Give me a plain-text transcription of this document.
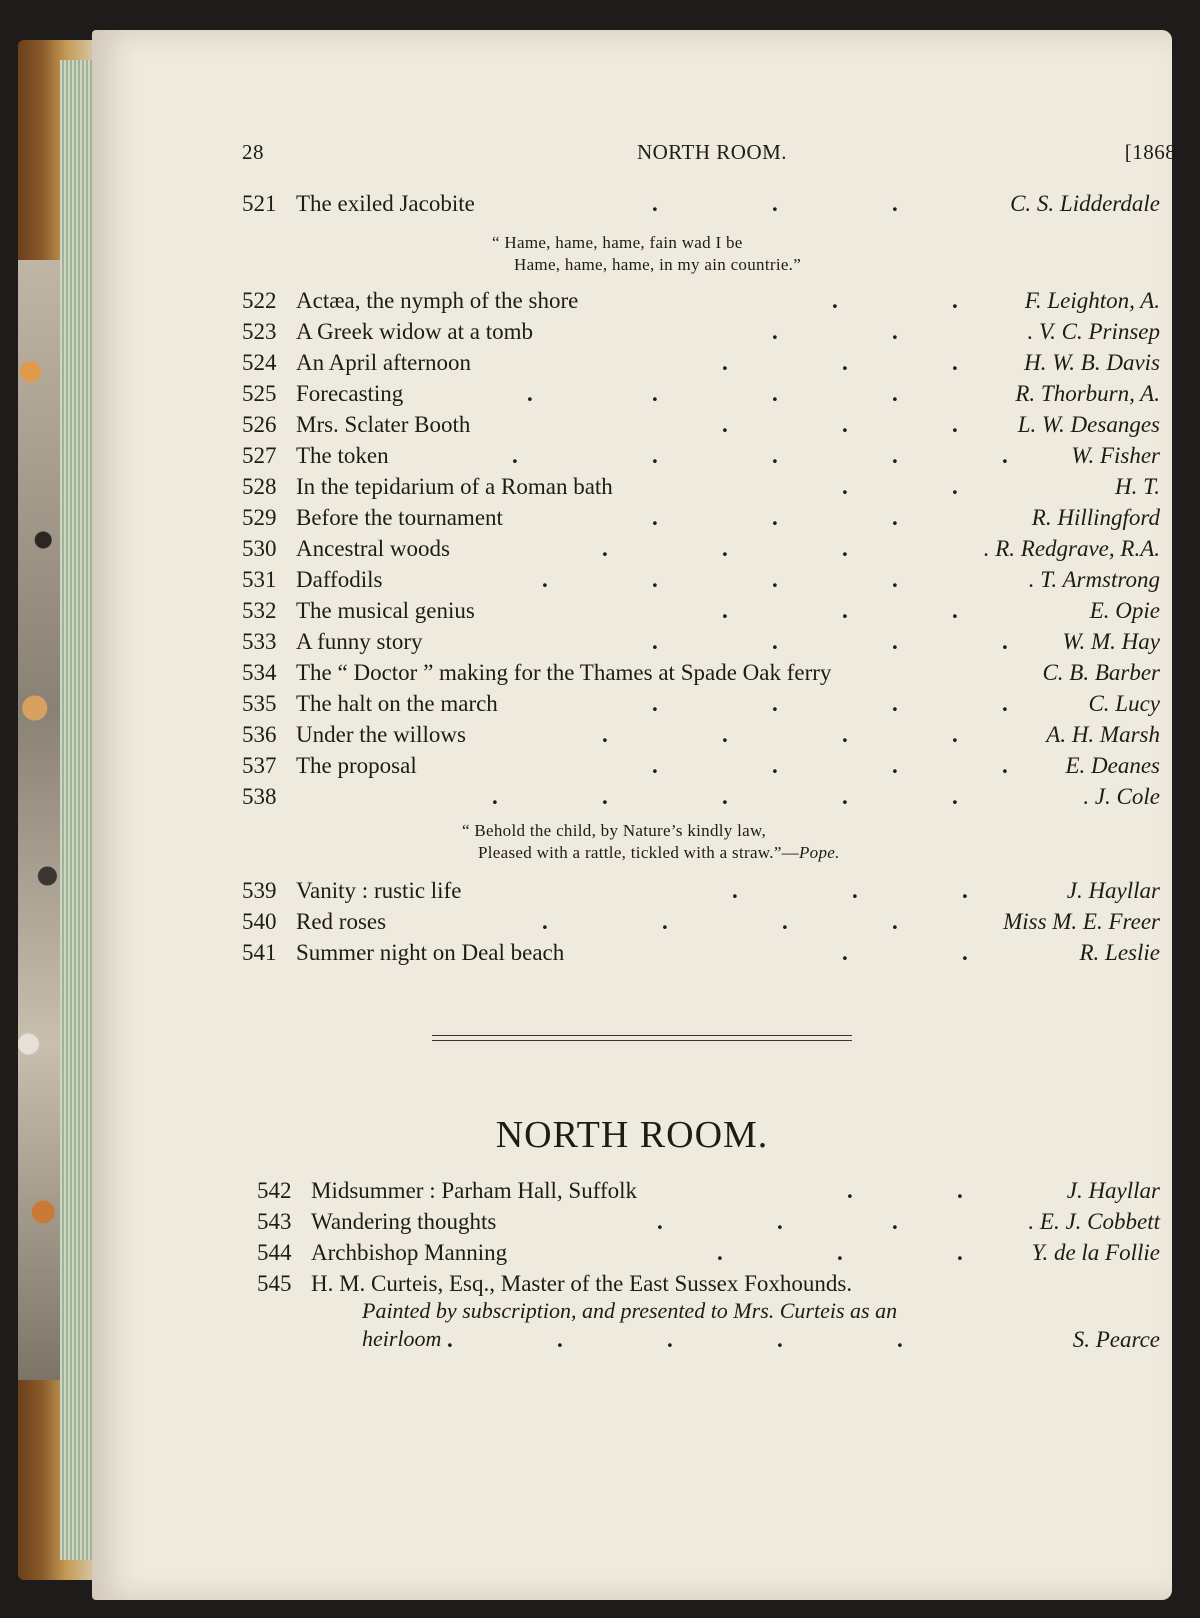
28	NORTH ROOM.	[1868.
521 The exiled Jacobite	.	.	.	C. S. Lidderdale
“ Hame, hame, hame, fain wad I be
Hame, hame, hame, in my ain countrie.”
522 Actæa, the nymph of the shore	.	.	F. Leighton, A.
523 A Greek widow at a tomb	.	.	. V. C. Prinsep
524 An April afternoon	.	.	.	H. W. B. Davis
525 Forecasting	.	.	.	.	R. Thorburn, A.
526 Mrs. Sclater Booth	.	.	.	L. W. Desanges
527 The token	.	.	.	.	.	W. Fisher
528 In the tepidarium of a Roman bath	.	.	H. T.
529 Before the tournament	.	.	.	R. Hillingford
530 Ancestral woods	.	.	.	. R. Redgrave, R.A.
531 Daffodils	.	.	.	.	. T. Armstrong
532 The musical genius	.	.	.	E. Opie
533 A funny story	.	.	.	. W. M. Hay
534 The “ Doctor ” making for the Thames at Spade Oak ferry	C. B. Barber
535 The halt on the march	.	.	.	.	C. Lucy
536 Under the willows	.	.	.	.	A. H. Marsh
537 The proposal	.	.	.	.	E. Deanes
538	.	.	.	.	.	. J. Cole
“ Behold the child, by Nature’s kindly law,
Pleased with a rattle, tickled with a straw.”—Pope.
539 Vanity : rustic life	.	.	.	J. Hayllar
540 Red roses	.	.	.	.	Miss M. E. Freer
541 Summer night on Deal beach	.	.	R. Leslie
NORTH ROOM.
542 Midsummer : Parham Hall, Suffolk	.	.	J. Hayllar
543 Wandering thoughts	.	.	.	. E. J. Cobbett
544 Archbishop Manning	.	.	.	Y. de la Follie
545 H. M. Curteis, Esq., Master of the East Sussex Foxhounds.
Painted by subscription, and presented to Mrs. Curteis as an
heirloom .	.	.	.	.	S. Pearce
